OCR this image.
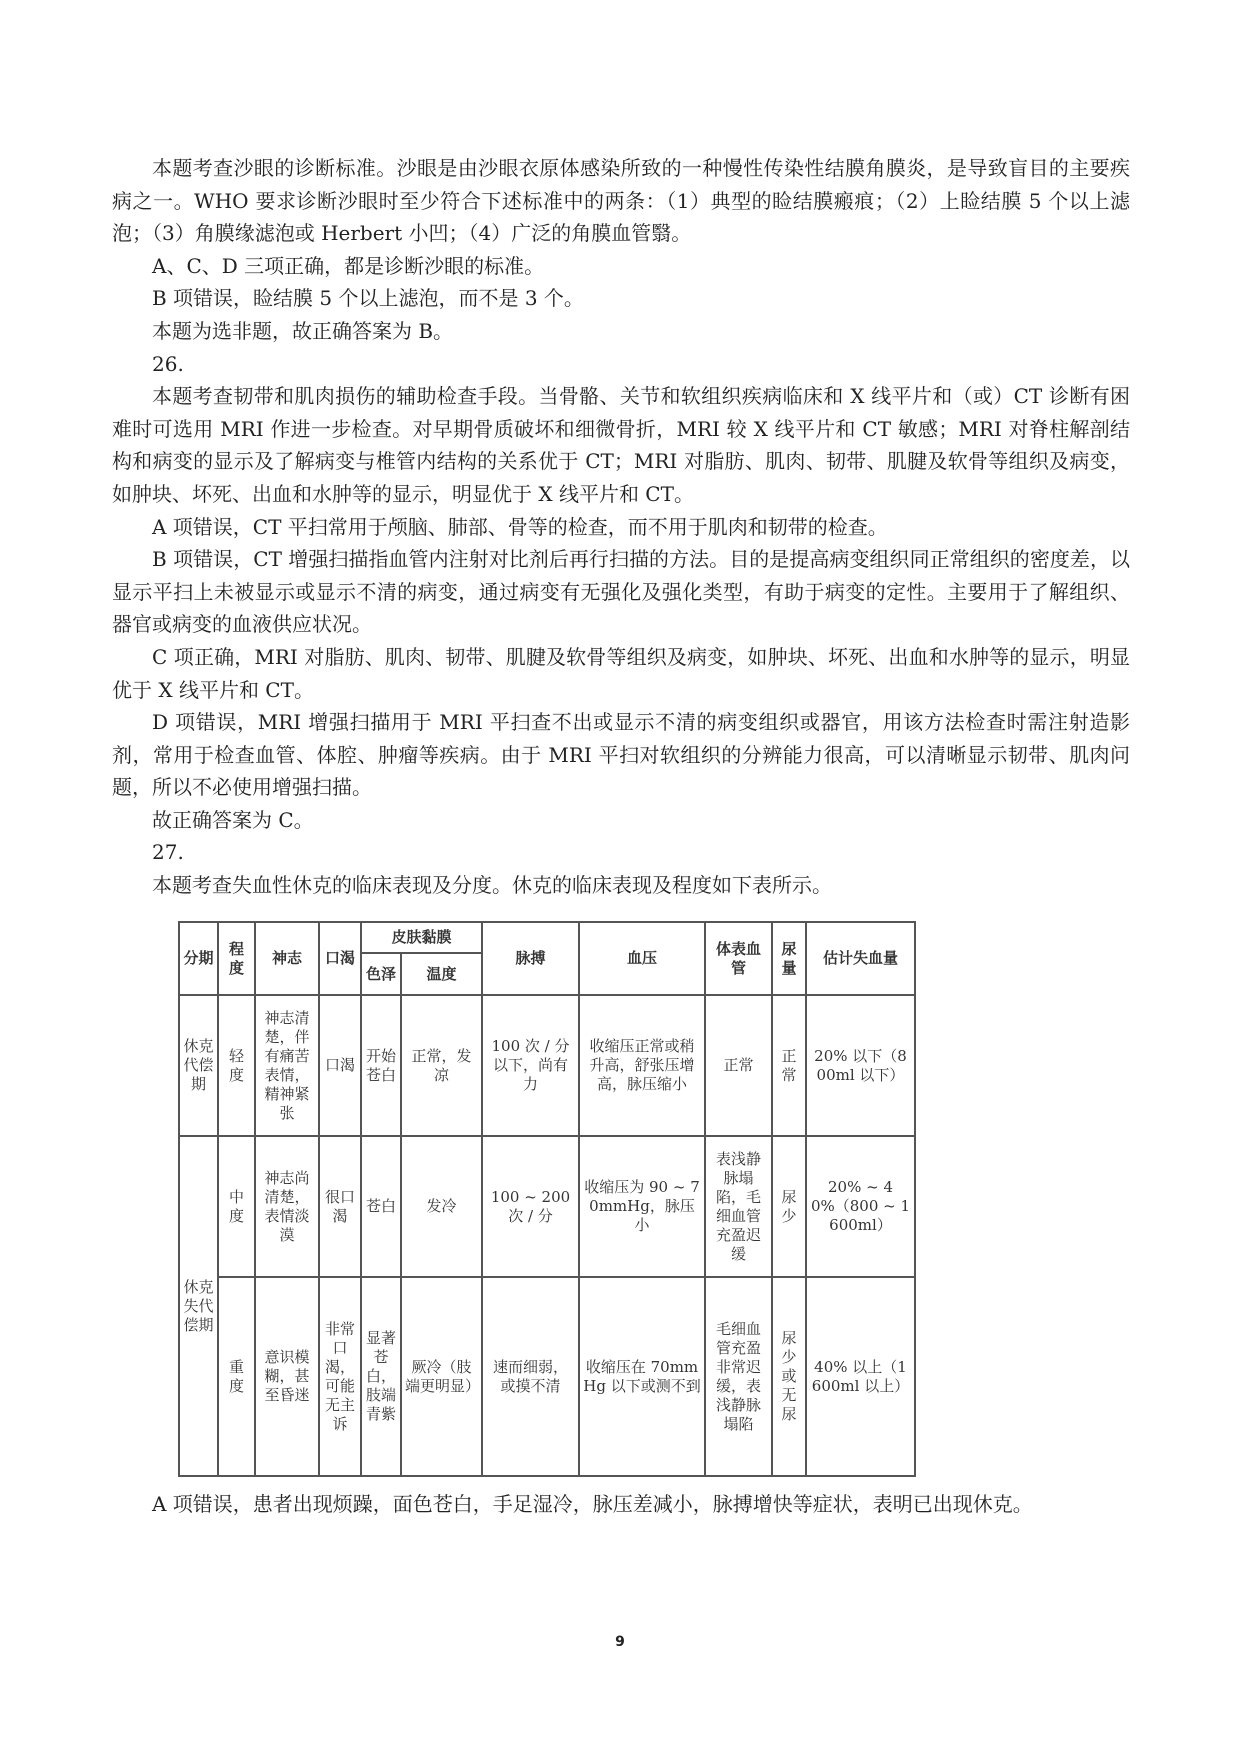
本题考查沙眼的诊断标准。沙眼是由沙眼衣原体感染所致的一种慢性传染性结膜角膜炎，是导致盲目的主要疾病之一。WHO 要求诊断沙眼时至少符合下述标准中的两条：（1）典型的睑结膜瘢痕；（2）上睑结膜 5 个以上滤泡；（3）角膜缘滤泡或 Herbert 小凹；（4）广泛的角膜血管翳。

A、C、D 三项正确，都是诊断沙眼的标准。

B 项错误，睑结膜 5 个以上滤泡，而不是 3 个。

本题为选非题，故正确答案为 B。

26.

本题考查韧带和肌肉损伤的辅助检查手段。当骨骼、关节和软组织疾病临床和 X 线平片和（或）CT 诊断有困难时可选用 MRI 作进一步检查。对早期骨质破坏和细微骨折，MRI 较 X 线平片和 CT 敏感；MRI 对脊柱解剖结构和病变的显示及了解病变与椎管内结构的关系优于 CT；MRI 对脂肪、肌肉、韧带、肌腱及软骨等组织及病变，如肿块、坏死、出血和水肿等的显示，明显优于 X 线平片和 CT。

A 项错误，CT 平扫常用于颅脑、肺部、骨等的检查，而不用于肌肉和韧带的检查。

B 项错误，CT 增强扫描指血管内注射对比剂后再行扫描的方法。目的是提高病变组织同正常组织的密度差，以显示平扫上未被显示或显示不清的病变，通过病变有无强化及强化类型，有助于病变的定性。主要用于了解组织、器官或病变的血液供应状况。

C 项正确，MRI 对脂肪、肌肉、韧带、肌腱及软骨等组织及病变，如肿块、坏死、出血和水肿等的显示，明显优于 X 线平片和 CT。

D 项错误，MRI 增强扫描用于 MRI 平扫查不出或显示不清的病变组织或器官，用该方法检查时需注射造影剂，常用于检查血管、体腔、肿瘤等疾病。由于 MRI 平扫对软组织的分辨能力很高，可以清晰显示韧带、肌肉问题，所以不必使用增强扫描。

故正确答案为 C。

27.

本题考查失血性休克的临床表现及分度。休克的临床表现及程度如下表所示。

分期	程度	神志	口渴	皮肤黏膜		脉搏	血压	体表血管	尿量	估计失血量
				色泽	温度					
休克代偿期	轻度	神志清楚，伴有痛苦表情，精神紧张	口渴	开始苍白	正常，发凉	100 次 / 分以下，尚有力	收缩压正常或稍升高，舒张压增高，脉压缩小	正常	正常	20% 以下（800ml 以下）
休克失代偿期	中度	神志尚清楚，表情淡漠	很口渴	苍白	发冷	100 ~ 200 次 / 分	收缩压为 90 ~ 70mmHg，脉压小	表浅静脉塌陷，毛细血管充盈迟缓	尿少	20% ~ 40%（800 ~ 1600ml）
	重度	意识模糊，甚至昏迷	非常口渴，可能无主诉	显著苍白，肢端青紫	厥冷（肢端更明显）	速而细弱，或摸不清	收缩压在 70mmHg 以下或测不到	毛细血管充盈非常迟缓，表浅静脉塌陷	尿少或无尿	40% 以上（1600ml 以上）

A 项错误，患者出现烦躁，面色苍白，手足湿冷，脉压差减小，脉搏增快等症状，表明已出现休克。

9
